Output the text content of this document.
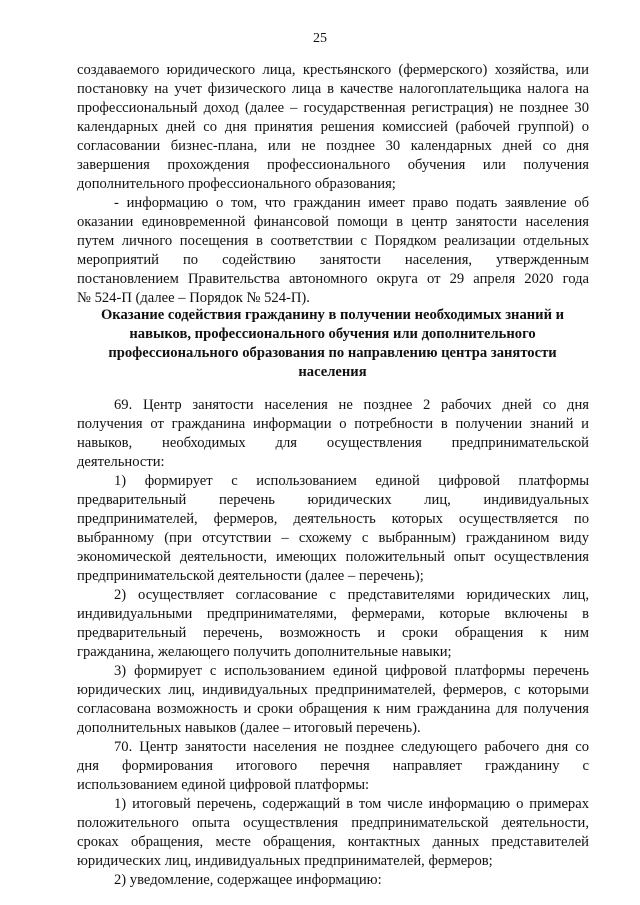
25
создаваемого юридического лица, крестьянского (фермерского) хозяйства, или
постановку на учет физического лица в качестве налогоплательщика налога на
профессиональный доход (далее – государственная регистрация) не позднее 30
календарных дней со дня принятия решения комиссией (рабочей группой) о
согласовании бизнес-плана, или не позднее 30 календарных дней со дня
завершения прохождения профессионального обучения или получения
дополнительного профессионального образования;
- информацию о том, что гражданин имеет право подать заявление об
оказании единовременной финансовой помощи в центр занятости населения
путем личного посещения в соответствии с Порядком реализации отдельных
мероприятий по содействию занятости населения, утвержденным
постановлением Правительства автономного округа от 29 апреля 2020 года
№ 524-П (далее – Порядок № 524-П).
Оказание содействия гражданину в получении необходимых знаний и
навыков, профессионального обучения или дополнительного
профессионального образования по направлению центра занятости
населения
69. Центр занятости населения не позднее 2 рабочих дней со дня
получения от гражданина информации о потребности в получении знаний и
навыков, необходимых для осуществления предпринимательской
деятельности:
1) формирует с использованием единой цифровой платформы
предварительный перечень юридических лиц, индивидуальных
предпринимателей, фермеров, деятельность которых осуществляется по
выбранному (при отсутствии – схожему с выбранным) гражданином виду
экономической деятельности, имеющих положительный опыт осуществления
предпринимательской деятельности (далее – перечень);
2) осуществляет согласование с представителями юридических лиц,
индивидуальными предпринимателями, фермерами, которые включены в
предварительный перечень, возможность и сроки обращения к ним
гражданина, желающего получить дополнительные навыки;
3) формирует с использованием единой цифровой платформы перечень
юридических лиц, индивидуальных предпринимателей, фермеров, с которыми
согласована возможность и сроки обращения к ним гражданина для получения
дополнительных навыков (далее – итоговый перечень).
70. Центр занятости населения не позднее следующего рабочего дня со
дня формирования итогового перечня направляет гражданину с
использованием единой цифровой платформы:
1) итоговый перечень, содержащий в том числе информацию о примерах
положительного опыта осуществления предпринимательской деятельности,
сроках обращения, месте обращения, контактных данных представителей
юридических лиц, индивидуальных предпринимателей, фермеров;
2) уведомление, содержащее информацию:
